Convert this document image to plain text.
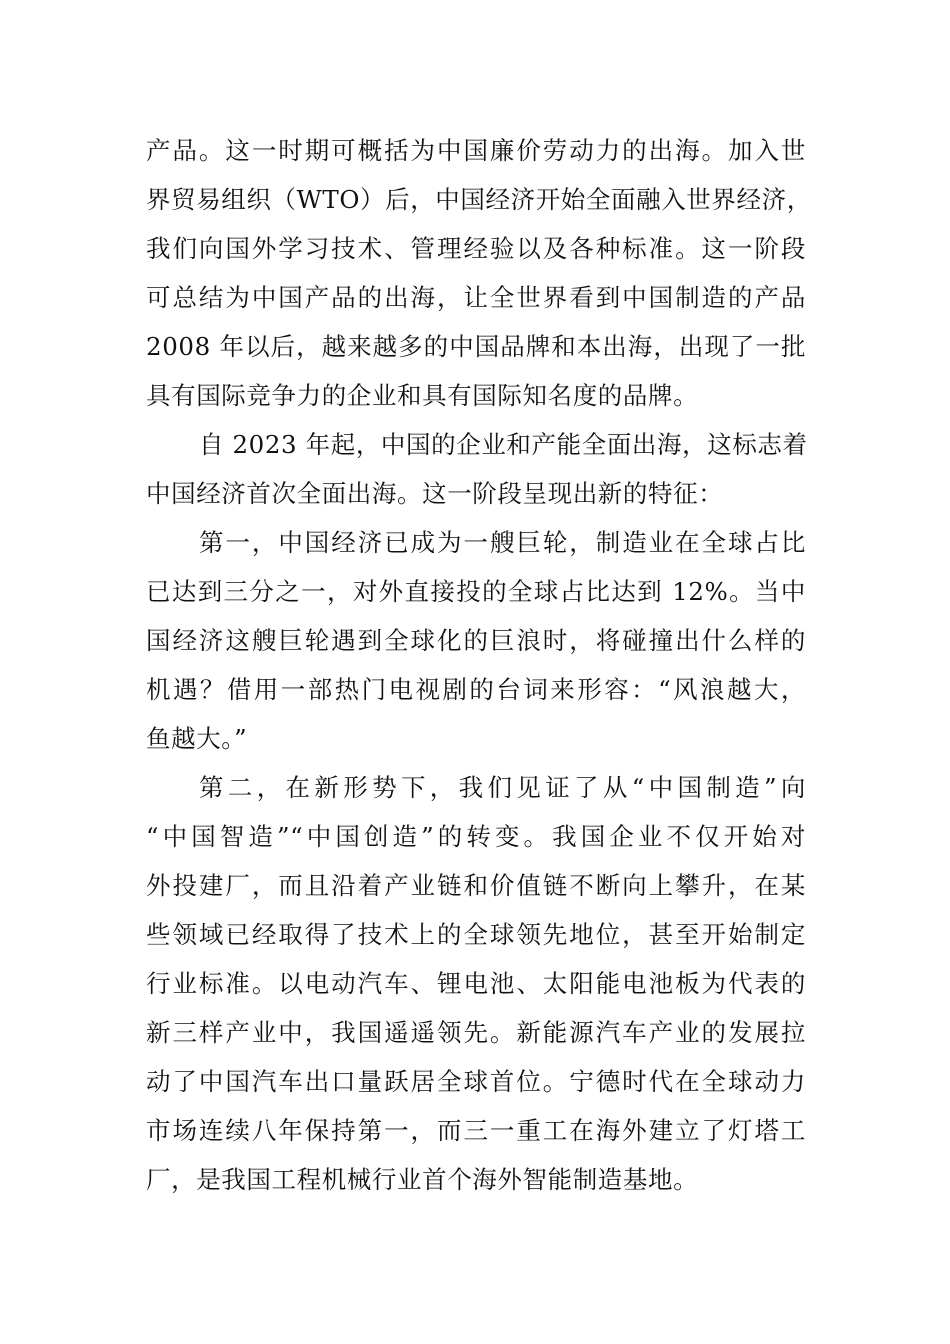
产品。这一时期可概括为中国廉价劳动力的出海。加入世
界贸易组织（WTO）后，中国经济开始全面融入世界经济，
我们向国外学习技术、管理经验以及各种标准。这一阶段
可总结为中国产品的出海，让全世界看到中国制造的产品
2008 年以后，越来越多的中国品牌和本出海，出现了一批
具有国际竞争力的企业和具有国际知名度的品牌。
自 2023 年起，中国的企业和产能全面出海，这标志着
中国经济首次全面出海。这一阶段呈现出新的特征：
第一，中国经济已成为一艘巨轮，制造业在全球占比
已达到三分之一，对外直接投的全球占比达到 12%。当中
国经济这艘巨轮遇到全球化的巨浪时，将碰撞出什么样的
机遇？借用一部热门电视剧的台词来形容：“风浪越大，
鱼越大。”
第二，在新形势下，我们见证了从“中国制造”向
“中国智造”“中国创造”的转变。我国企业不仅开始对
外投建厂，而且沿着产业链和价值链不断向上攀升，在某
些领域已经取得了技术上的全球领先地位，甚至开始制定
行业标准。以电动汽车、锂电池、太阳能电池板为代表的
新三样产业中，我国遥遥领先。新能源汽车产业的发展拉
动了中国汽车出口量跃居全球首位。宁德时代在全球动力
市场连续八年保持第一，而三一重工在海外建立了灯塔工
厂，是我国工程机械行业首个海外智能制造基地。
